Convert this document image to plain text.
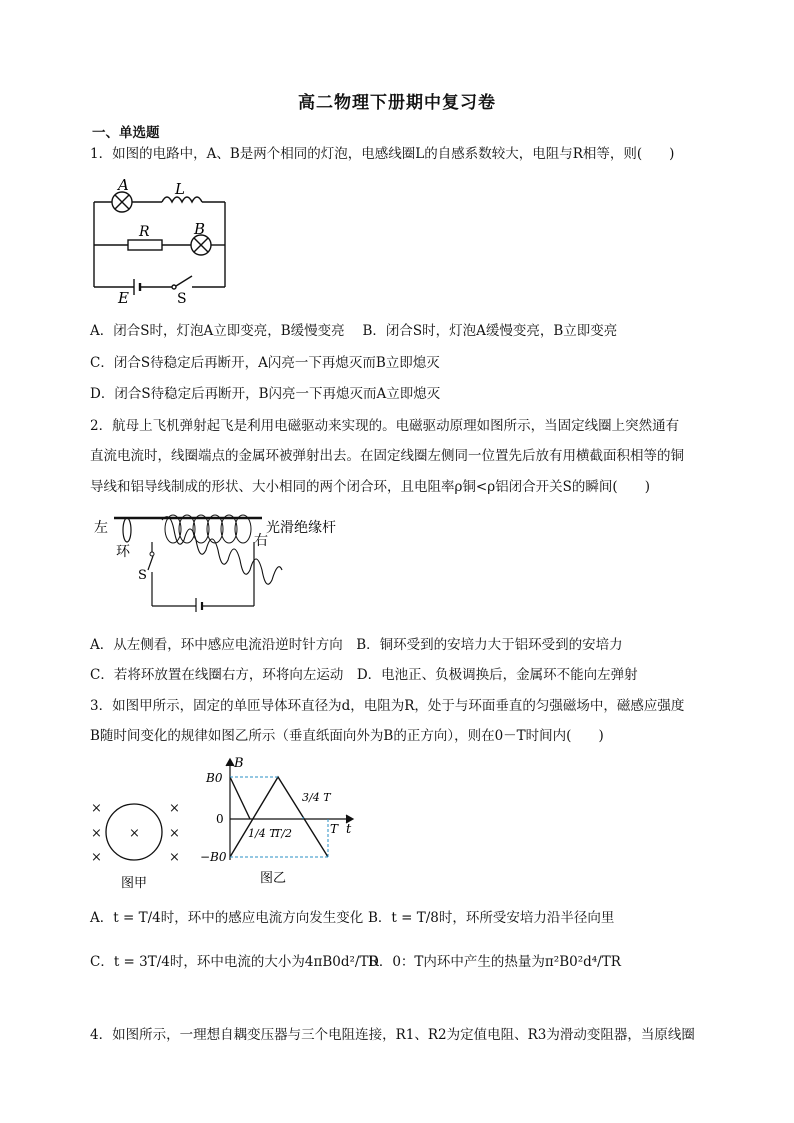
高二物理下册期中复习卷
一、单选题
1．如图的电路中，A、B是两个相同的灯泡，电感线圈L的自感系数较大，电阻与R相等，则(　　)
A	L
R	B
E	S
A．闭合S时，灯泡A立即变亮，B缓慢变亮　 B．闭合S时，灯泡A缓慢变亮，B立即变亮
C．闭合S待稳定后再断开，A闪亮一下再熄灭而B立即熄灭
D．闭合S待稳定后再断开，B闪亮一下再熄灭而A立即熄灭
2．航母上飞机弹射起飞是利用电磁驱动来实现的。电磁驱动原理如图所示，当固定线圈上突然通有
直流电流时，线圈端点的金属环被弹射出去。在固定线圈左侧同一位置先后放有用横截面积相等的铜
导线和铝导线制成的形状、大小相同的两个闭合环，且电阻率ρ铜<ρ铝闭合开关S的瞬间(　　)
左
环
右
光滑绝缘杆
S
A．从左侧看，环中感应电流沿逆时针方向　B．铜环受到的安培力大于铝环受到的安培力
C．若将环放置在线圈右方，环将向左运动　D．电池正、负极调换后，金属环不能向左弹射
3．如图甲所示，固定的单匝导体环直径为d，电阻为R，处于与环面垂直的匀强磁场中，磁感应强度
B随时间变化的规律如图乙所示（垂直纸面向外为B的正方向），则在0－T时间内(　　)
×	×
× × ×
×	×
图甲
B
B0
0
−B0
t
T
1/4 T
T/2
3/4 T
图乙
A．t = T/4时，环中的感应电流方向发生变化 B．t = T/8时，环所受安培力沿半径向里
C．t = 3T/4时，环中电流的大小为4πB0d²/TR
D．0：T内环中产生的热量为π²B0²d⁴/TR
4．如图所示，一理想自耦变压器与三个电阻连接，R1、R2为定值电阻、R3为滑动变阻器，当原线圈
